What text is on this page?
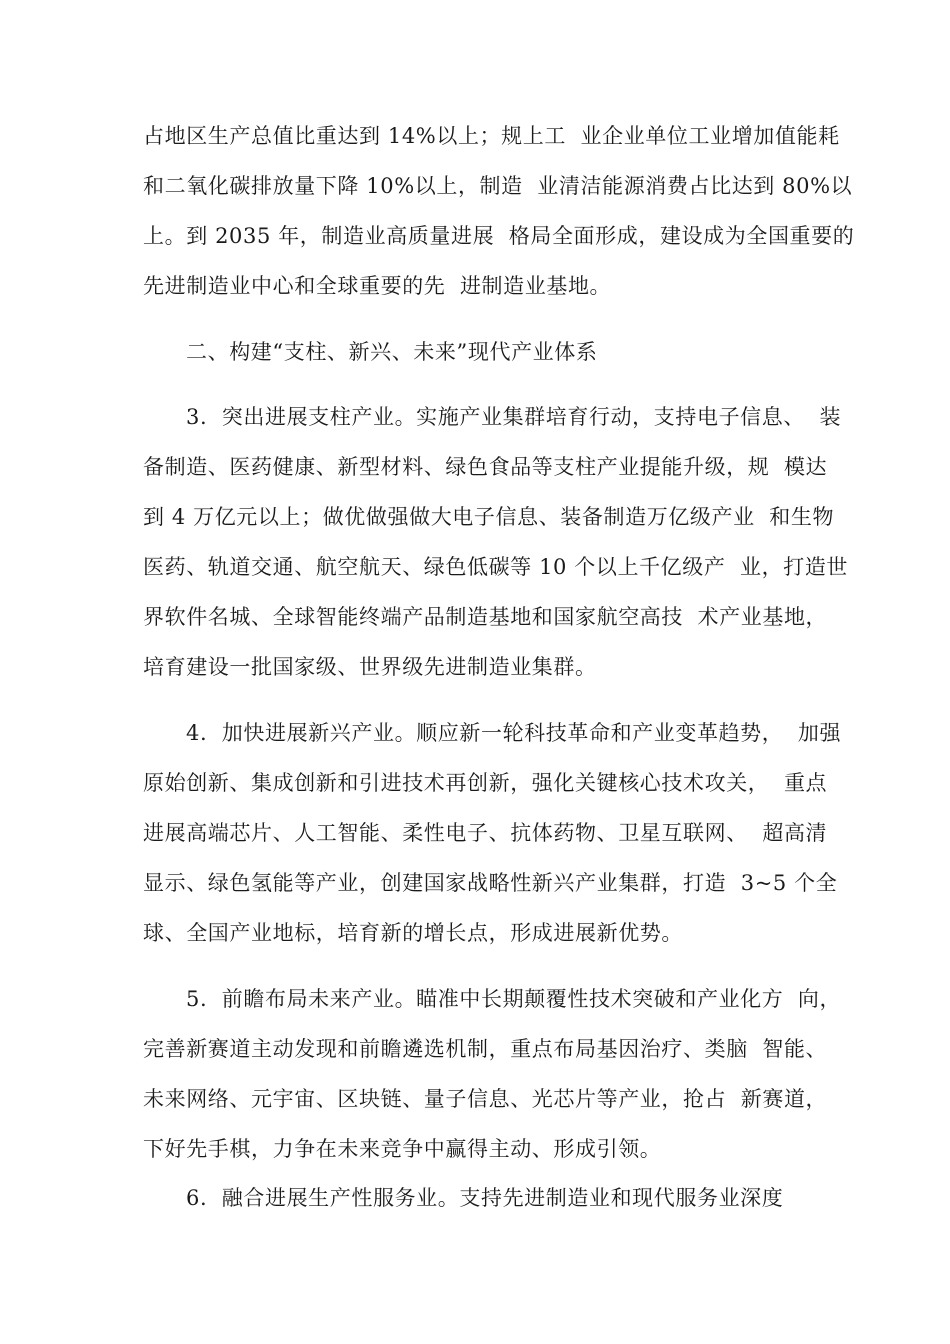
占地区生产总值比重达到 14%以上；规上工  业企业单位工业增加值能耗
和二氧化碳排放量下降 10%以上，制造  业清洁能源消费占比达到 80%以
上。到 2035 年，制造业高质量进展  格局全面形成，建设成为全国重要的
先进制造业中心和全球重要的先  进制造业基地。
二、构建“支柱、新兴、未来”现代产业体系
3.  突出进展支柱产业。实施产业集群培育行动，支持电子信息、  装
备制造、医药健康、新型材料、绿色食品等支柱产业提能升级，规  模达
到 4 万亿元以上；做优做强做大电子信息、装备制造万亿级产业  和生物
医药、轨道交通、航空航天、绿色低碳等 10 个以上千亿级产  业，打造世
界软件名城、全球智能终端产品制造基地和国家航空高技  术产业基地，
培育建设一批国家级、世界级先进制造业集群。
4.  加快进展新兴产业。顺应新一轮科技革命和产业变革趋势，  加强
原始创新、集成创新和引进技术再创新，强化关键核心技术攻关，  重点
进展高端芯片、人工智能、柔性电子、抗体药物、卫星互联网、  超高清
显示、绿色氢能等产业，创建国家战略性新兴产业集群，打造  3~5 个全
球、全国产业地标，培育新的增长点，形成进展新优势。
5.  前瞻布局未来产业。瞄准中长期颠覆性技术突破和产业化方  向，
完善新赛道主动发现和前瞻遴选机制，重点布局基因治疗、类脑  智能、
未来网络、元宇宙、区块链、量子信息、光芯片等产业，抢占  新赛道，
下好先手棋，力争在未来竞争中赢得主动、形成引领。
6.  融合进展生产性服务业。支持先进制造业和现代服务业深度
